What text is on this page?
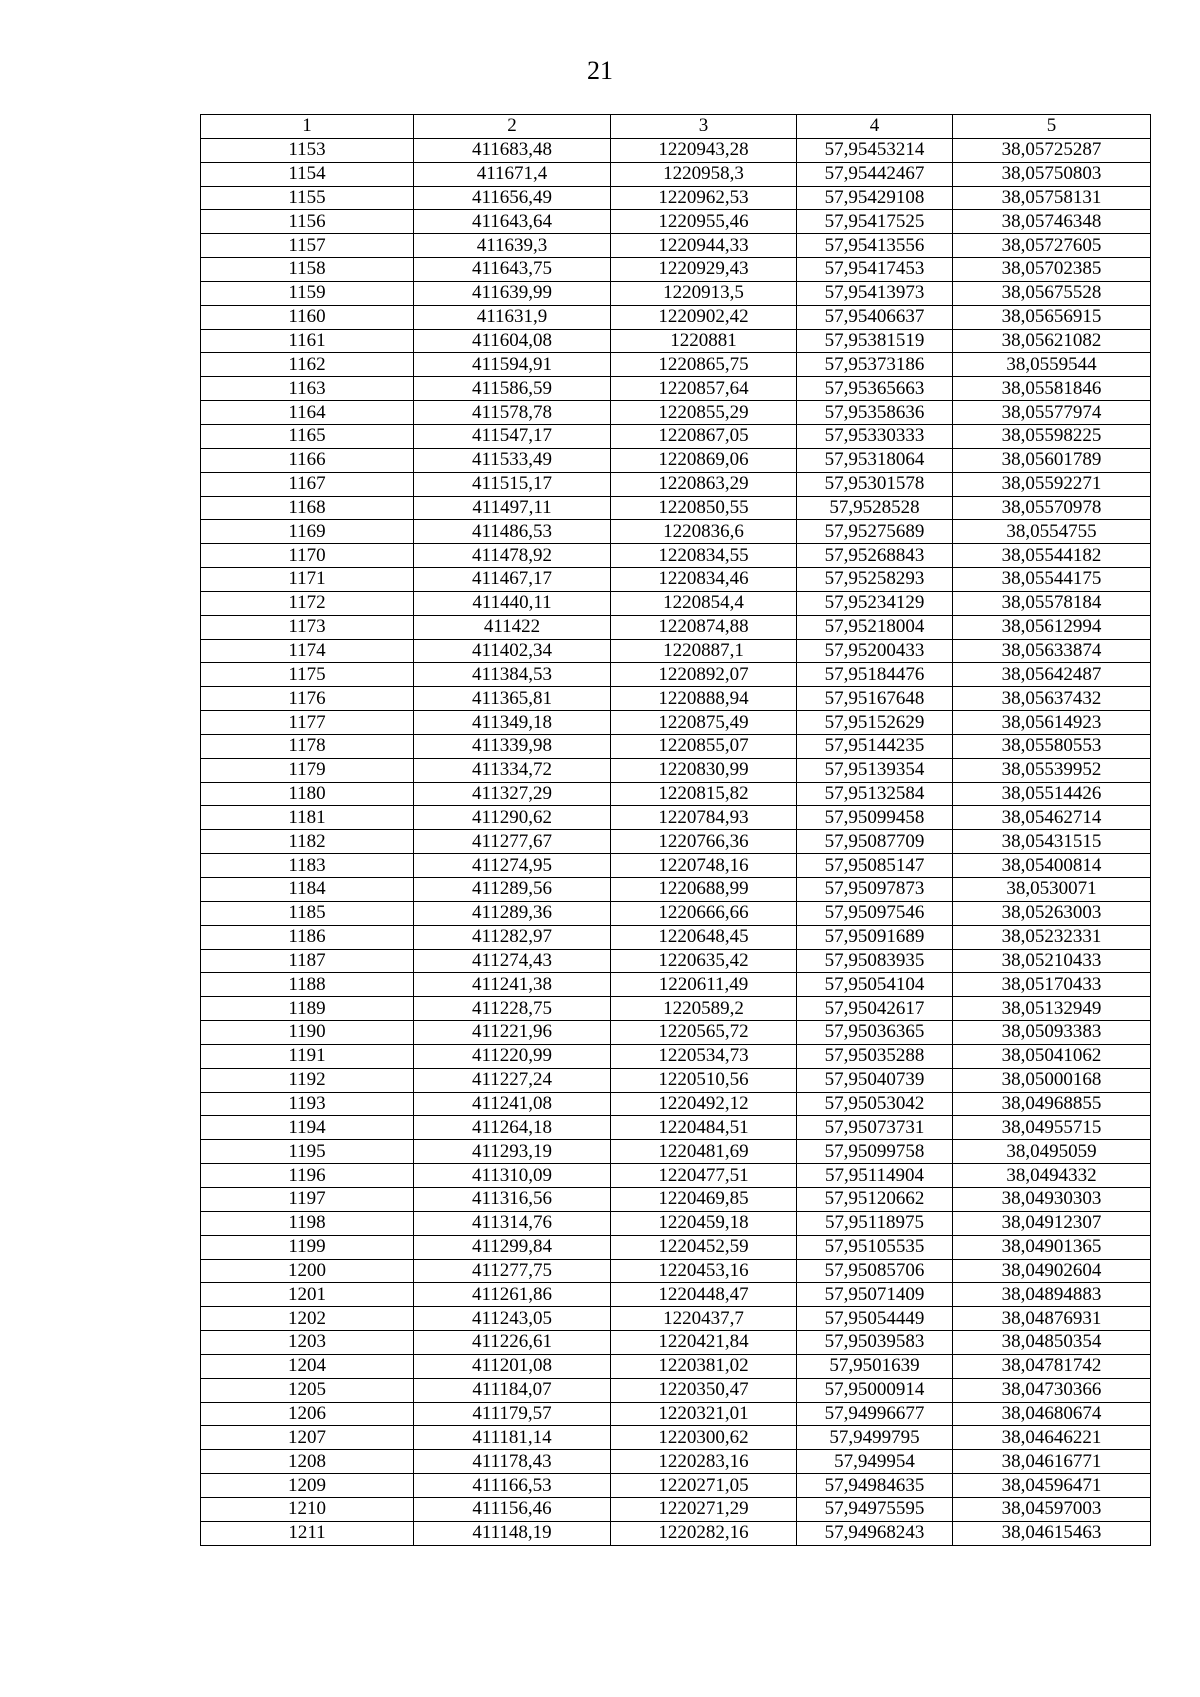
21
1	2	3	4	5
1153	411683,48	1220943,28	57,95453214	38,05725287
1154	411671,4	1220958,3	57,95442467	38,05750803
1155	411656,49	1220962,53	57,95429108	38,05758131
1156	411643,64	1220955,46	57,95417525	38,05746348
1157	411639,3	1220944,33	57,95413556	38,05727605
1158	411643,75	1220929,43	57,95417453	38,05702385
1159	411639,99	1220913,5	57,95413973	38,05675528
1160	411631,9	1220902,42	57,95406637	38,05656915
1161	411604,08	1220881	57,95381519	38,05621082
1162	411594,91	1220865,75	57,95373186	38,0559544
1163	411586,59	1220857,64	57,95365663	38,05581846
1164	411578,78	1220855,29	57,95358636	38,05577974
1165	411547,17	1220867,05	57,95330333	38,05598225
1166	411533,49	1220869,06	57,95318064	38,05601789
1167	411515,17	1220863,29	57,95301578	38,05592271
1168	411497,11	1220850,55	57,9528528	38,05570978
1169	411486,53	1220836,6	57,95275689	38,0554755
1170	411478,92	1220834,55	57,95268843	38,05544182
1171	411467,17	1220834,46	57,95258293	38,05544175
1172	411440,11	1220854,4	57,95234129	38,05578184
1173	411422	1220874,88	57,95218004	38,05612994
1174	411402,34	1220887,1	57,95200433	38,05633874
1175	411384,53	1220892,07	57,95184476	38,05642487
1176	411365,81	1220888,94	57,95167648	38,05637432
1177	411349,18	1220875,49	57,95152629	38,05614923
1178	411339,98	1220855,07	57,95144235	38,05580553
1179	411334,72	1220830,99	57,95139354	38,05539952
1180	411327,29	1220815,82	57,95132584	38,05514426
1181	411290,62	1220784,93	57,95099458	38,05462714
1182	411277,67	1220766,36	57,95087709	38,05431515
1183	411274,95	1220748,16	57,95085147	38,05400814
1184	411289,56	1220688,99	57,95097873	38,0530071
1185	411289,36	1220666,66	57,95097546	38,05263003
1186	411282,97	1220648,45	57,95091689	38,05232331
1187	411274,43	1220635,42	57,95083935	38,05210433
1188	411241,38	1220611,49	57,95054104	38,05170433
1189	411228,75	1220589,2	57,95042617	38,05132949
1190	411221,96	1220565,72	57,95036365	38,05093383
1191	411220,99	1220534,73	57,95035288	38,05041062
1192	411227,24	1220510,56	57,95040739	38,05000168
1193	411241,08	1220492,12	57,95053042	38,04968855
1194	411264,18	1220484,51	57,95073731	38,04955715
1195	411293,19	1220481,69	57,95099758	38,0495059
1196	411310,09	1220477,51	57,95114904	38,0494332
1197	411316,56	1220469,85	57,95120662	38,04930303
1198	411314,76	1220459,18	57,95118975	38,04912307
1199	411299,84	1220452,59	57,95105535	38,04901365
1200	411277,75	1220453,16	57,95085706	38,04902604
1201	411261,86	1220448,47	57,95071409	38,04894883
1202	411243,05	1220437,7	57,95054449	38,04876931
1203	411226,61	1220421,84	57,95039583	38,04850354
1204	411201,08	1220381,02	57,9501639	38,04781742
1205	411184,07	1220350,47	57,95000914	38,04730366
1206	411179,57	1220321,01	57,94996677	38,04680674
1207	411181,14	1220300,62	57,9499795	38,04646221
1208	411178,43	1220283,16	57,949954	38,04616771
1209	411166,53	1220271,05	57,94984635	38,04596471
1210	411156,46	1220271,29	57,94975595	38,04597003
1211	411148,19	1220282,16	57,94968243	38,04615463
